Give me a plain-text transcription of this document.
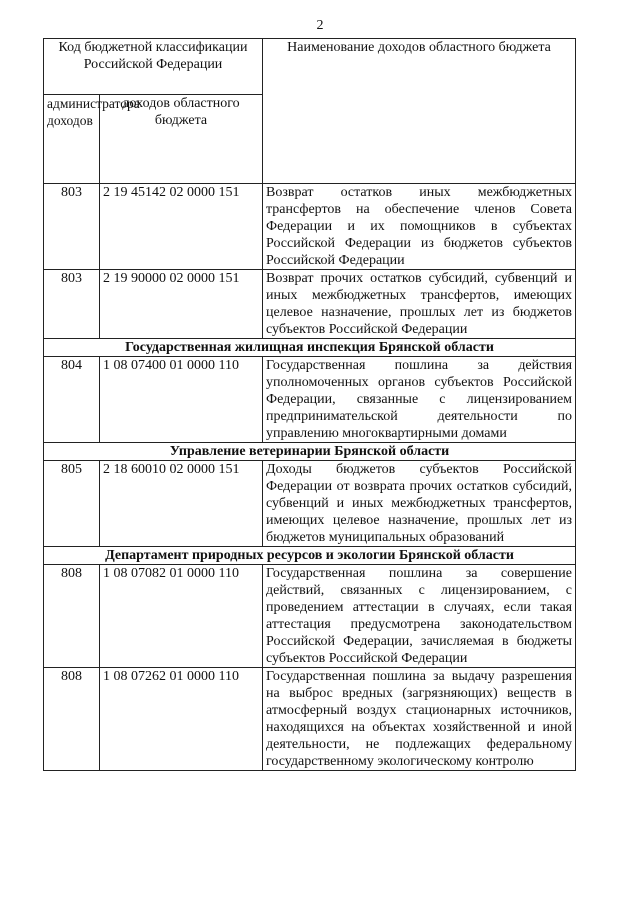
2
Код бюджетной классификации Российской Федерации		Наименование доходов областного бюджета
администратора доходов	доходов областного бюджета	
803	2 19 45142 02 0000 151	Возврат остатков иных межбюджетных трансфертов на обеспечение членов Совета Федерации и их помощников в субъектах Российской Федерации из бюджетов субъектов Российской Федерации
803	2 19 90000 02 0000 151	Возврат прочих остатков субсидий, субвенций и иных межбюджетных трансфертов, имеющих целевое назначение, прошлых лет из бюджетов субъектов Российской Федерации
Государственная жилищная инспекция Брянской области		
804	1 08 07400 01 0000 110	Государственная пошлина за действия уполномоченных органов субъектов Российской Федерации, связанные с лицензированием предпринимательской деятельности по управлению многоквартирными домами
Управление ветеринарии Брянской области		
805	2 18 60010 02 0000 151	Доходы бюджетов субъектов Российской Федерации от возврата прочих остатков субсидий, субвенций и иных межбюджетных трансфертов, имеющих целевое назначение, прошлых лет из бюджетов муниципальных образований
Департамент природных ресурсов и экологии Брянской области		
808	1 08 07082 01 0000 110	Государственная пошлина за совершение действий, связанных с лицензированием, с проведением аттестации в случаях, если такая аттестация предусмотрена законодательством Российской Федерации, зачисляемая в бюджеты субъектов Российской Федерации
808	1 08 07262 01 0000 110	Государственная пошлина за выдачу разрешения на выброс вредных (загрязняющих) веществ в атмосферный воздух стационарных источников, находящихся на объектах хозяйственной и иной деятельности, не подлежащих федеральному государственному экологическому контролю
